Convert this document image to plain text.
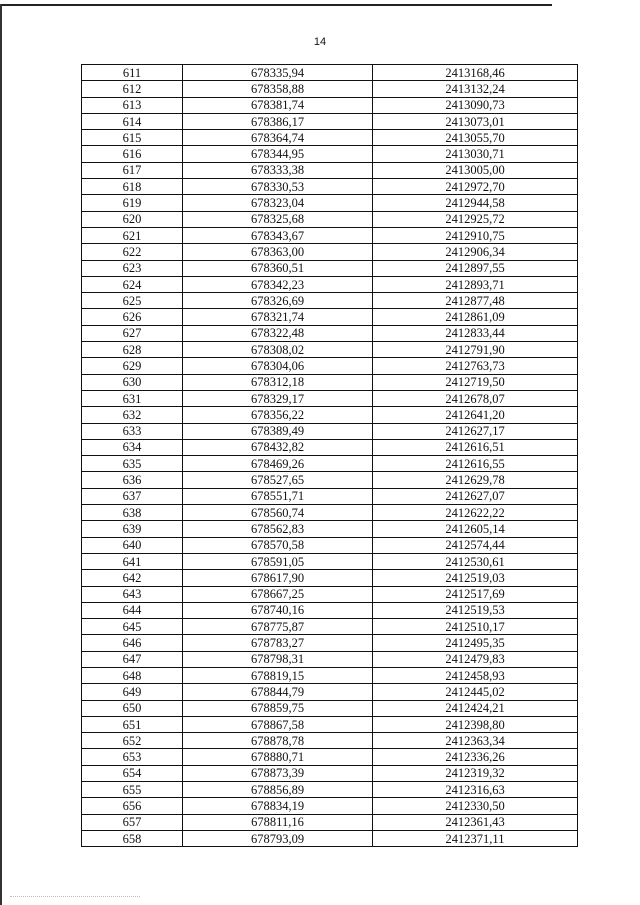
14
611	678335,94	2413168,46
612	678358,88	2413132,24
613	678381,74	2413090,73
614	678386,17	2413073,01
615	678364,74	2413055,70
616	678344,95	2413030,71
617	678333,38	2413005,00
618	678330,53	2412972,70
619	678323,04	2412944,58
620	678325,68	2412925,72
621	678343,67	2412910,75
622	678363,00	2412906,34
623	678360,51	2412897,55
624	678342,23	2412893,71
625	678326,69	2412877,48
626	678321,74	2412861,09
627	678322,48	2412833,44
628	678308,02	2412791,90
629	678304,06	2412763,73
630	678312,18	2412719,50
631	678329,17	2412678,07
632	678356,22	2412641,20
633	678389,49	2412627,17
634	678432,82	2412616,51
635	678469,26	2412616,55
636	678527,65	2412629,78
637	678551,71	2412627,07
638	678560,74	2412622,22
639	678562,83	2412605,14
640	678570,58	2412574,44
641	678591,05	2412530,61
642	678617,90	2412519,03
643	678667,25	2412517,69
644	678740,16	2412519,53
645	678775,87	2412510,17
646	678783,27	2412495,35
647	678798,31	2412479,83
648	678819,15	2412458,93
649	678844,79	2412445,02
650	678859,75	2412424,21
651	678867,58	2412398,80
652	678878,78	2412363,34
653	678880,71	2412336,26
654	678873,39	2412319,32
655	678856,89	2412316,63
656	678834,19	2412330,50
657	678811,16	2412361,43
658	678793,09	2412371,11
